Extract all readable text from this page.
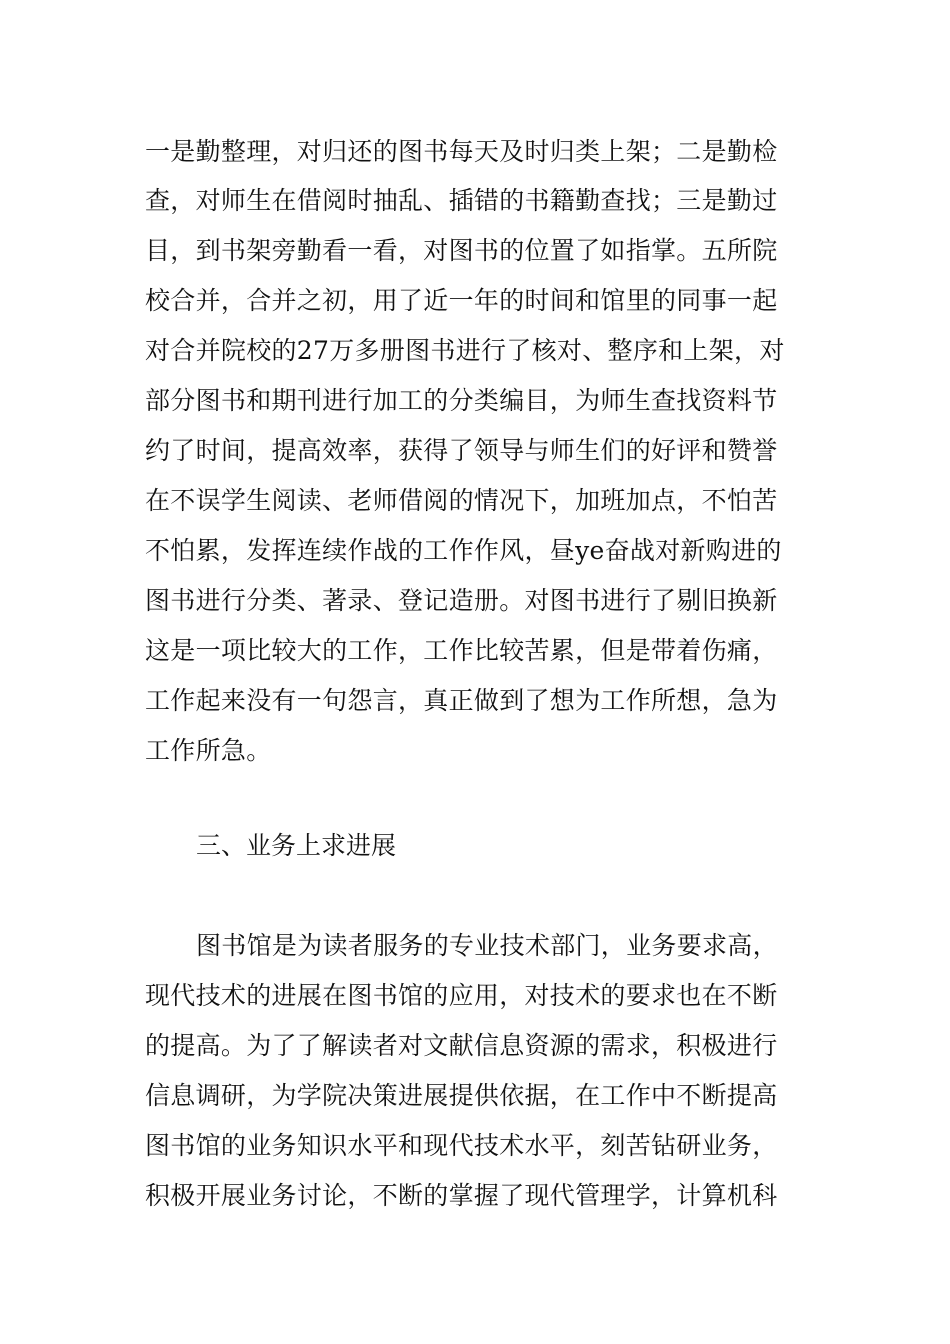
一是勤整理，对归还的图书每天及时归类上架；二是勤检
查，对师生在借阅时抽乱、插错的书籍勤查找；三是勤过
目，到书架旁勤看一看，对图书的位置了如指掌。五所院
校合并，合并之初，用了近一年的时间和馆里的同事一起
对合并院校的27万多册图书进行了核对、整序和上架，对
部分图书和期刊进行加工的分类编目，为师生查找资料节
约了时间，提高效率，获得了领导与师生们的好评和赞誉
在不误学生阅读、老师借阅的情况下，加班加点，不怕苦
不怕累，发挥连续作战的工作作风，昼ye奋战对新购进的
图书进行分类、著录、登记造册。对图书进行了剔旧换新
这是一项比较大的工作，工作比较苦累，但是带着伤痛，
工作起来没有一句怨言，真正做到了想为工作所想，急为
工作所急。
三、业务上求进展
图书馆是为读者服务的专业技术部门，业务要求高，
现代技术的进展在图书馆的应用，对技术的要求也在不断
的提高。为了了解读者对文献信息资源的需求，积极进行
信息调研，为学院决策进展提供依据，在工作中不断提高
图书馆的业务知识水平和现代技术水平，刻苦钻研业务，
积极开展业务讨论，不断的掌握了现代管理学，计算机科
